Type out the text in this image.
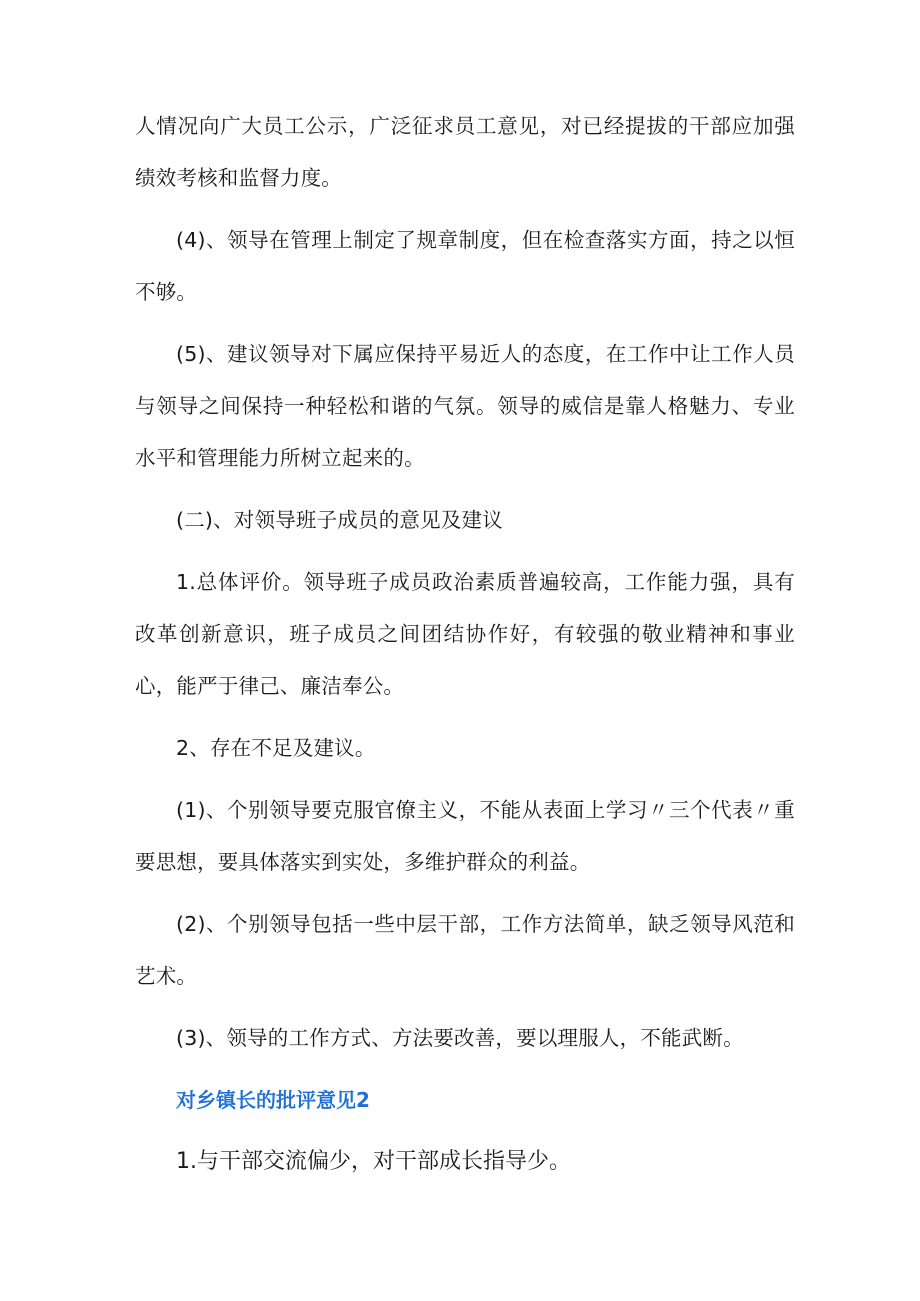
人情况向广大员工公示，广泛征求员工意见，对已经提拔的干部应加强绩效考核和监督力度。

(4)、领导在管理上制定了规章制度，但在检查落实方面，持之以恒不够。

(5)、建议领导对下属应保持平易近人的态度，在工作中让工作人员与领导之间保持一种轻松和谐的气氛。领导的威信是靠人格魅力、专业水平和管理能力所树立起来的。

(二)、对领导班子成员的意见及建议

1.总体评价。领导班子成员政治素质普遍较高，工作能力强，具有改革创新意识，班子成员之间团结协作好，有较强的敬业精神和事业心，能严于律己、廉洁奉公。

2、存在不足及建议。

(1)、个别领导要克服官僚主义，不能从表面上学习〃三个代表〃重要思想，要具体落实到实处，多维护群众的利益。

(2)、个别领导包括一些中层干部，工作方法简单，缺乏领导风范和艺术。

(3)、领导的工作方式、方法要改善，要以理服人，不能武断。

对乡镇长的批评意见2

1.与干部交流偏少，对干部成长指导少。
